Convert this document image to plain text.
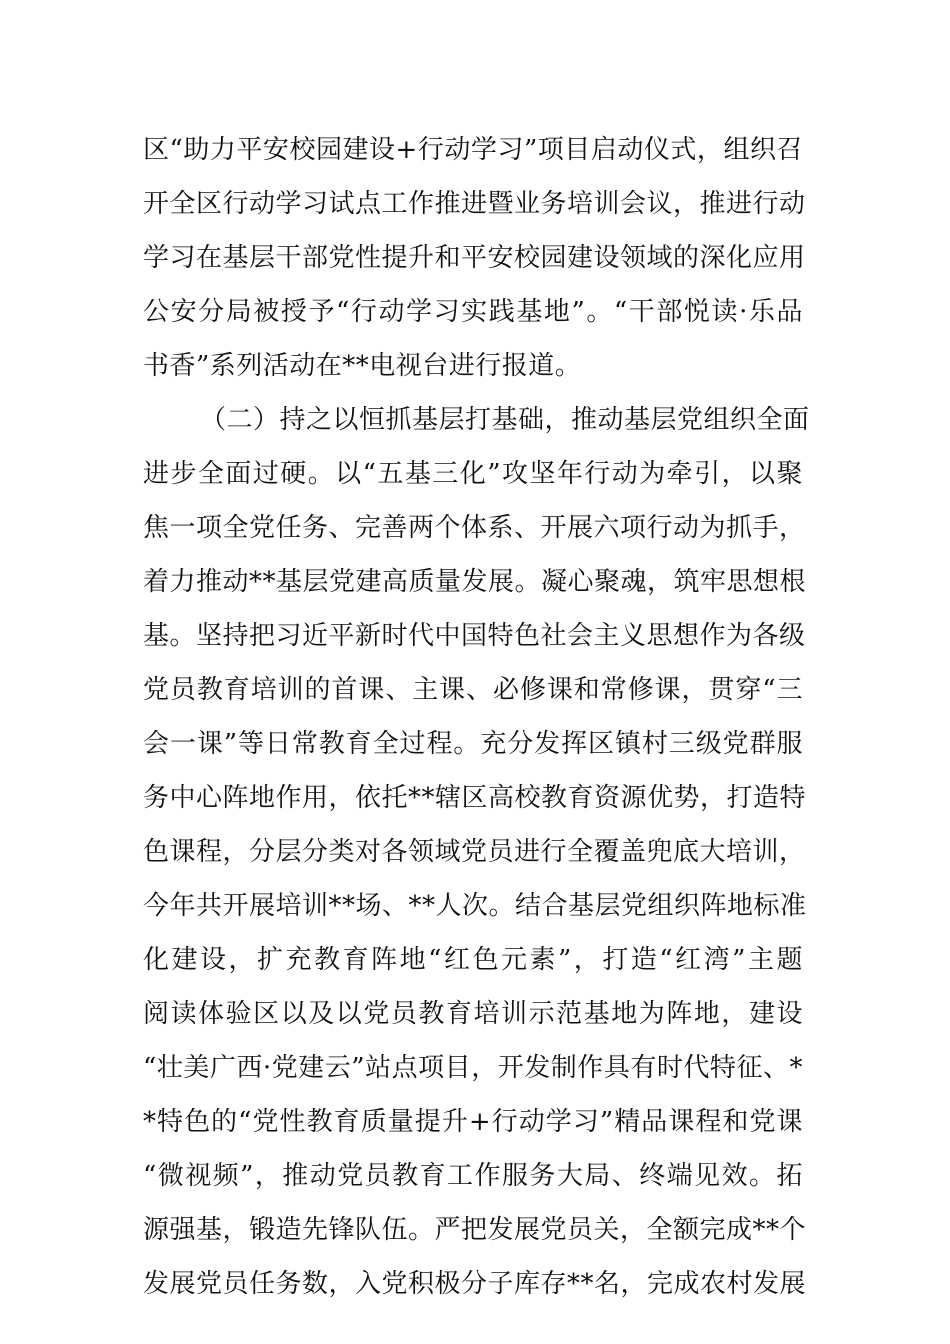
区“助力平安校园建设+行动学习”项目启动仪式，组织召
开全区行动学习试点工作推进暨业务培训会议，推进行动
学习在基层干部党性提升和平安校园建设领域的深化应用
公安分局被授予“行动学习实践基地”。“干部悦读·乐品
书香”系列活动在**电视台进行报道。
（二）持之以恒抓基层打基础，推动基层党组织全面
进步全面过硬。以“五基三化”攻坚年行动为牵引，以聚
焦一项全党任务、完善两个体系、开展六项行动为抓手，
着力推动**基层党建高质量发展。凝心聚魂，筑牢思想根
基。坚持把习近平新时代中国特色社会主义思想作为各级
党员教育培训的首课、主课、必修课和常修课，贯穿“三
会一课”等日常教育全过程。充分发挥区镇村三级党群服
务中心阵地作用，依托**辖区高校教育资源优势，打造特
色课程，分层分类对各领域党员进行全覆盖兜底大培训，
今年共开展培训**场、**人次。结合基层党组织阵地标准
化建设，扩充教育阵地“红色元素”，打造“红湾”主题
阅读体验区以及以党员教育培训示范基地为阵地，建设
“壮美广西·党建云”站点项目，开发制作具有时代特征、*
*特色的“党性教育质量提升+行动学习”精品课程和党课
“微视频”，推动党员教育工作服务大局、终端见效。拓
源强基，锻造先锋队伍。严把发展党员关，全额完成**个
发展党员任务数，入党积极分子库存**名，完成农村发展
